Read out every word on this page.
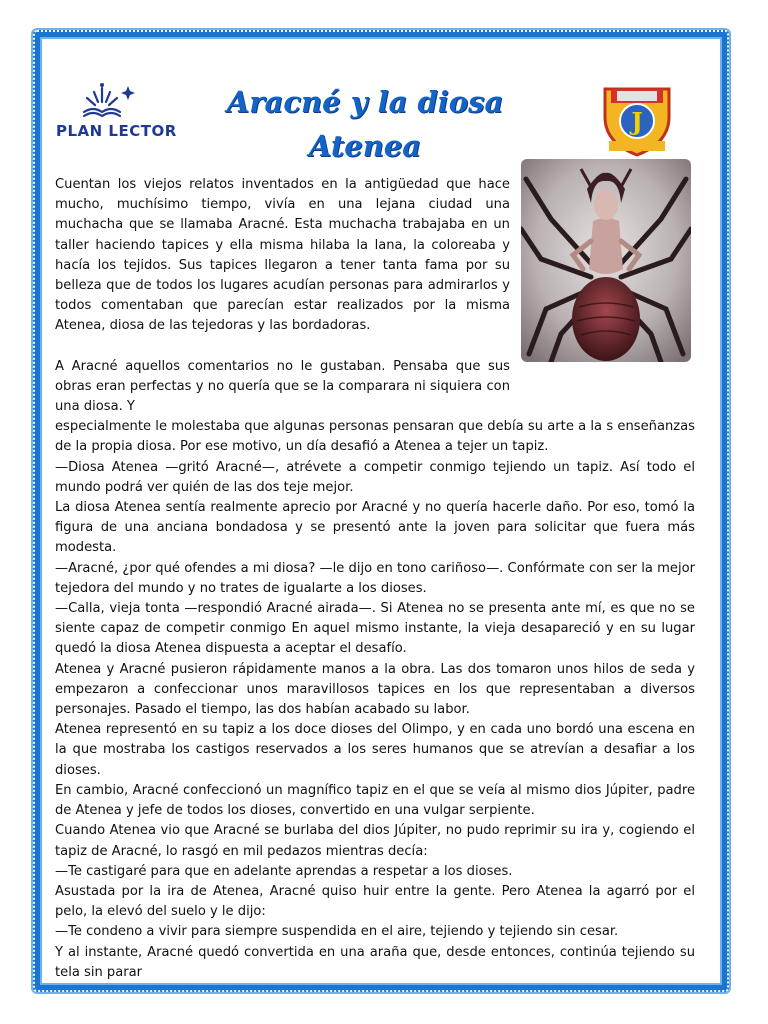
PLAN LECTOR
Aracné y la diosa
Atenea
J

Cuentan los viejos relatos inventados en la antigüedad que hace mucho, muchísimo tiempo, vivía en una lejana ciudad una muchacha que se llamaba Aracné. Esta muchacha trabajaba en un taller haciendo tapices y ella misma hilaba la lana, la coloreaba y hacía los tejidos. Sus tapices llegaron a tener tanta fama por su belleza que de todos los lugares acudían personas para admirarlos y todos comentaban que parecían estar realizados por la misma Atenea, diosa de las tejedoras y las bordadoras.

A Aracné aquellos comentarios no le gustaban. Pensaba que sus obras eran perfectas y no quería que se la comparara ni siquiera con una diosa. Y

especialmente le molestaba que algunas personas pensaran que debía su arte a la s enseñanzas de la propia diosa. Por ese motivo, un día desafió a Atenea a tejer un tapiz.

—Diosa Atenea —gritó Aracné—, atrévete a competir conmigo tejiendo un tapiz. Así todo el mundo podrá ver quién de las dos teje mejor.

La diosa Atenea sentía realmente aprecio por Aracné y no quería hacerle daño. Por eso, tomó la figura de una anciana bondadosa y se presentó ante la joven para solicitar que fuera más modesta.

—Aracné, ¿por qué ofendes a mi diosa? —le dijo en tono cariñoso—. Confórmate con ser la mejor tejedora del mundo y no trates de igualarte a los dioses.

—Calla, vieja tonta —respondió Aracné airada—. Si Atenea no se presenta ante mí, es que no se siente capaz de competir conmigo En aquel mismo instante, la vieja desapareció y en su lugar quedó la diosa Atenea dispuesta a aceptar el desafío.

Atenea y Aracné pusieron rápidamente manos a la obra. Las dos tomaron unos hilos de seda y empezaron a confeccionar unos maravillosos tapices en los que representaban a diversos personajes. Pasado el tiempo, las dos habían acabado su labor.

Atenea representó en su tapiz a los doce dioses del Olimpo, y en cada uno bordó una escena en la que mostraba los castigos reservados a los seres humanos que se atrevían a desafiar a los dioses.

En cambio, Aracné confeccionó un magnífico tapiz en el que se veía al mismo dios Júpiter, padre de Atenea y jefe de todos los dioses, convertido en una vulgar serpiente.

Cuando Atenea vio que Aracné se burlaba del dios Júpiter, no pudo reprimir su ira y, cogiendo el tapiz de Aracné, lo rasgó en mil pedazos mientras decía:

—Te castigaré para que en adelante aprendas a respetar a los dioses.

Asustada por la ira de Atenea, Aracné quiso huir entre la gente. Pero Atenea la agarró por el pelo, la elevó del suelo y le dijo:

—Te condeno a vivir para siempre suspendida en el aire, tejiendo y tejiendo sin cesar.

Y al instante, Aracné quedó convertida en una araña que, desde entonces, continúa tejiendo su tela sin parar
